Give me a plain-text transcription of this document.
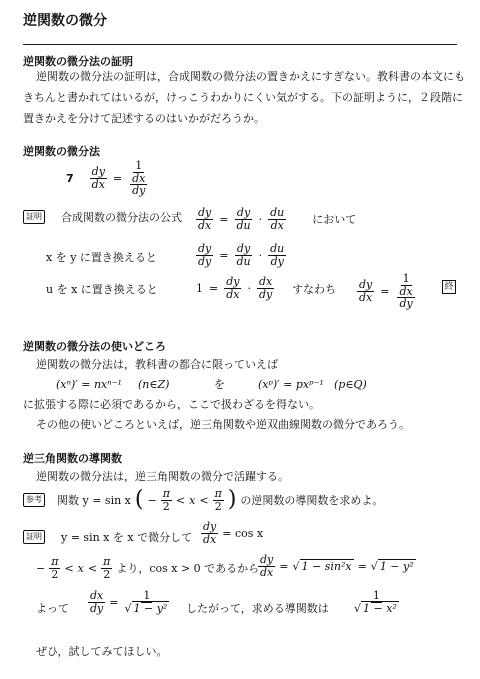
逆関数の微分
逆関数の微分法の証明
逆関数の微分法の証明は，合成関数の微分法の置きかえにすぎない。教科書の本文にも
きちんと書かれてはいるが，けっこうわかりにくい気がする。下の証明ように，２段階に
置きかえを分けて記述するのはいかがだろうか。
逆関数の微分法
$7 \frac{dy}{dx} = \frac{1}{\frac{dx}{dy}}$
証明 合成関数の微分法の公式 $\frac{dy}{dx} = \frac{dy}{du} \cdot \frac{du}{dx}$ において
x を y に置き換えると	$\frac{dy}{dy} = \frac{dy}{du} \cdot \frac{du}{dy}$
u を x に置き換えると	$1 = \frac{dy}{dx} \cdot \frac{dx}{dy}$ すなわち $\frac{dy}{dx} = \frac{1}{\frac{dx}{dy}}$	終
逆関数の微分法の使いどころ
逆関数の微分法は，教科書の都合に限っていえば
(xⁿ)′ = nxⁿ⁻¹	(n∈Z)	を	(xᵖ)′ = pxᵖ⁻¹ (p∈Q)
に拡張する際に必須であるから，ここで扱わざるを得ない。
その他の使いどころといえば，逆三角関数や逆双曲線関数の微分であろう。
逆三角関数の導関数
逆関数の微分法は，逆三角関数の微分で活躍する。
参考 関数 y = sin x ( − $\frac{\pi}{2} < x < \frac{\pi}{2}$ ) の逆関数の導関数を求めよ。
証明 y = sin x を x で微分して $\frac{dy}{dx} = \cos x$
− $\frac{\pi}{2} < x < \frac{\pi}{2}$ より，cos x > 0 であるから
$\frac{dy}{dx}$ = √ 1 − sin²x = √ 1 − y²
よって $\frac{dx}{dy} = \frac{1}{\text{√ 1 − y²}}$ したがって，求める導関数は $\frac{1}{\text{√ 1 − x²}}$
ぜひ，試してみてほしい。
